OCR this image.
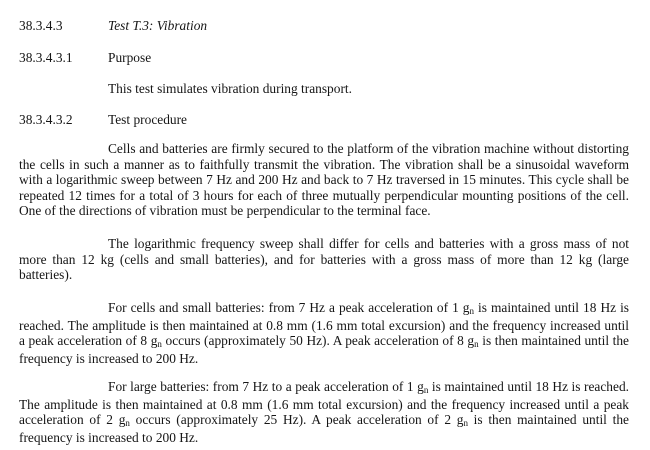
38.3.4.3	Test T.3: Vibration
38.3.4.3.1	Purpose
This test simulates vibration during transport.
38.3.4.3.2	Test procedure

Cells and batteries are firmly secured to the platform of the vibration machine without distorting the cells in such a manner as to faithfully transmit the vibration. The vibration shall be a sinusoidal waveform with a logarithmic sweep between 7 Hz and 200 Hz and back to 7 Hz traversed in 15 minutes. This cycle shall be repeated 12 times for a total of 3 hours for each of three mutually perpendicular mounting positions of the cell. One of the directions of vibration must be perpendicular to the terminal face.

The logarithmic frequency sweep shall differ for cells and batteries with a gross mass of not more than 12 kg (cells and small batteries), and for batteries with a gross mass of more than 12 kg (large batteries).

For cells and small batteries: from 7 Hz a peak acceleration of 1 $g_n$ is maintained until 18 Hz is reached. The amplitude is then maintained at 0.8 mm (1.6 mm total excursion) and the frequency increased until a peak acceleration of 8 $g_n$ occurs (approximately 50 Hz). A peak acceleration of 8 $g_n$ is then maintained until the frequency is increased to 200 Hz.

For large batteries: from 7 Hz to a peak acceleration of 1 $g_n$ is maintained until 18 Hz is reached. The amplitude is then maintained at 0.8 mm (1.6 mm total excursion) and the frequency increased until a peak acceleration of 2 $g_n$ occurs (approximately 25 Hz). A peak acceleration of 2 $g_n$ is then maintained until the frequency is increased to 200 Hz.
